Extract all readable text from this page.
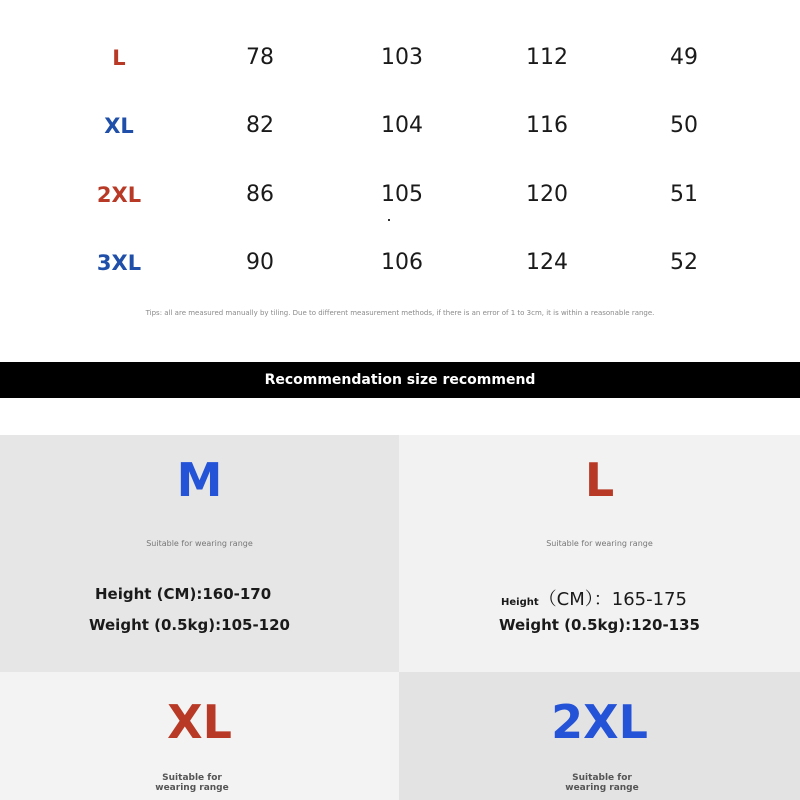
L	78	103	112	49
XL	82	104	116	50
2XL	86	105	120	51
3XL	90	106	124	52
Tips: all are measured manually by tiling. Due to different measurement methods, if there is an error of 1 to 3cm, it is within a reasonable range.
Recommendation size recommend
M
Suitable for wearing range
Height (CM):160-170
Weight (0.5kg):105-120
L
Suitable for wearing range
Height（CM）：165-175
Weight (0.5kg):120-135
XL
Suitable for wearing range
2XL
Suitable for wearing range
